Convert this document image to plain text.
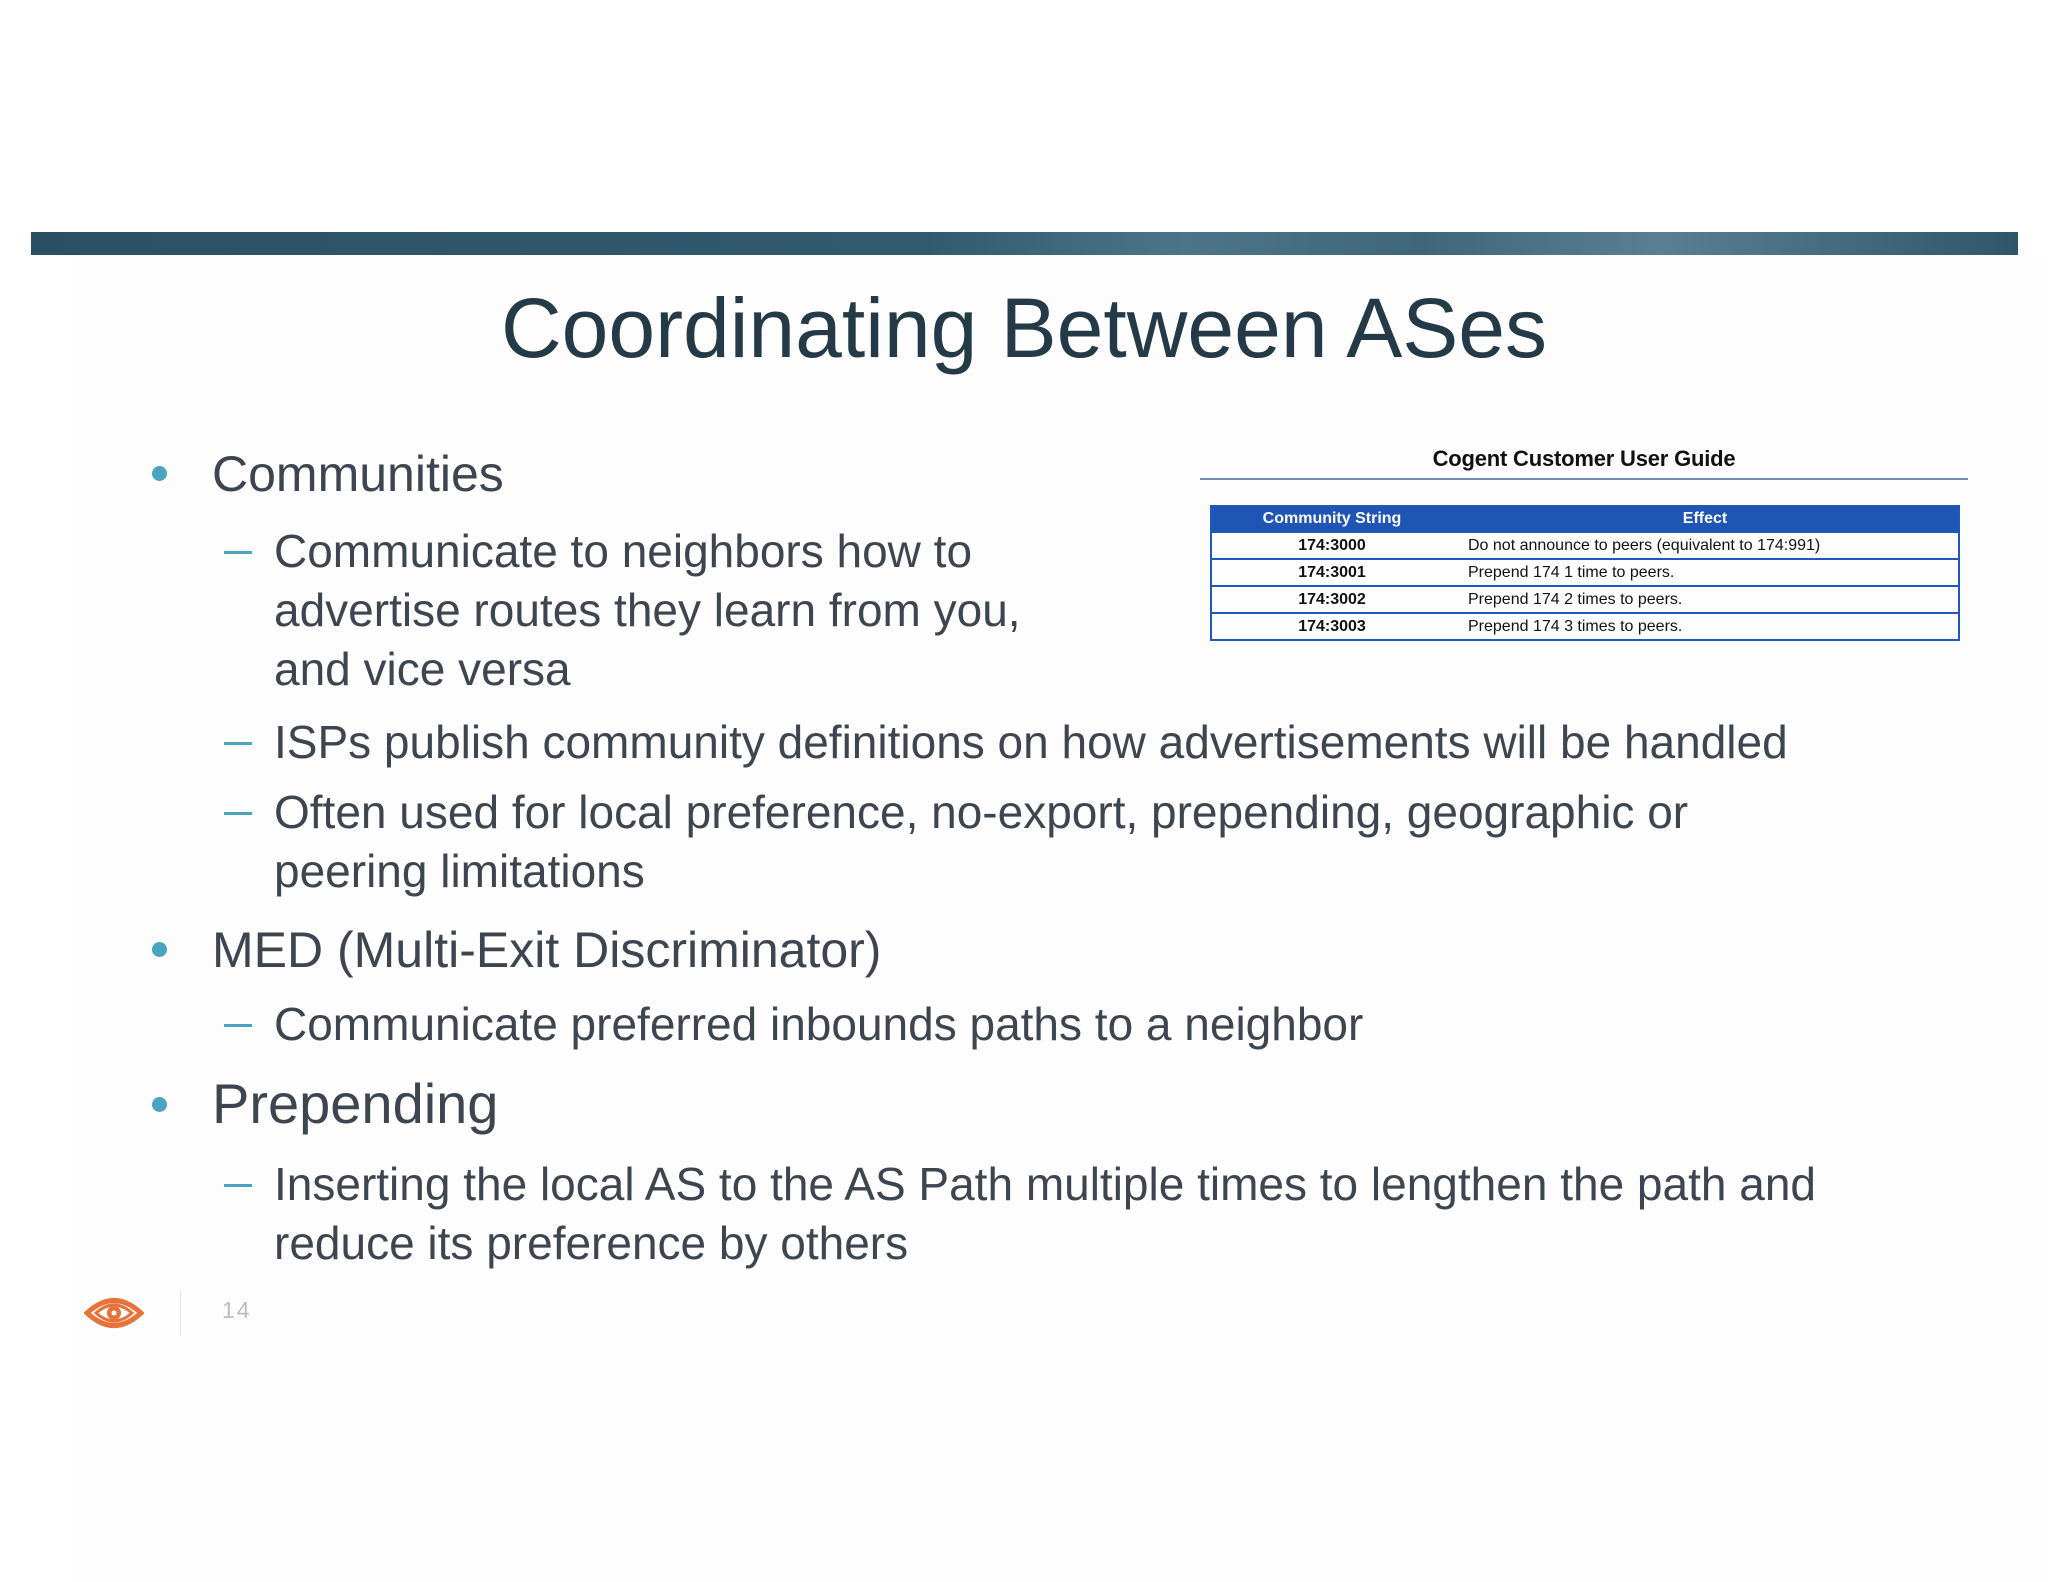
Coordinating Between ASes
Communities
Communicate to neighbors how to
advertise routes they learn from you,
and vice versa
ISPs publish community definitions on how advertisements will be handled
Often used for local preference, no-export, prepending, geographic or
peering limitations
MED (Multi-Exit Discriminator)
Communicate preferred inbounds paths to a neighbor
Prepending
Inserting the local AS to the AS Path multiple times to lengthen the path and
reduce its preference by others
Cogent Customer User Guide
Community String	Effect
174:3000	Do not announce to peers (equivalent to 174:991)
174:3001	Prepend 174 1 time to peers.
174:3002	Prepend 174 2 times to peers.
174:3003	Prepend 174 3 times to peers.
14
